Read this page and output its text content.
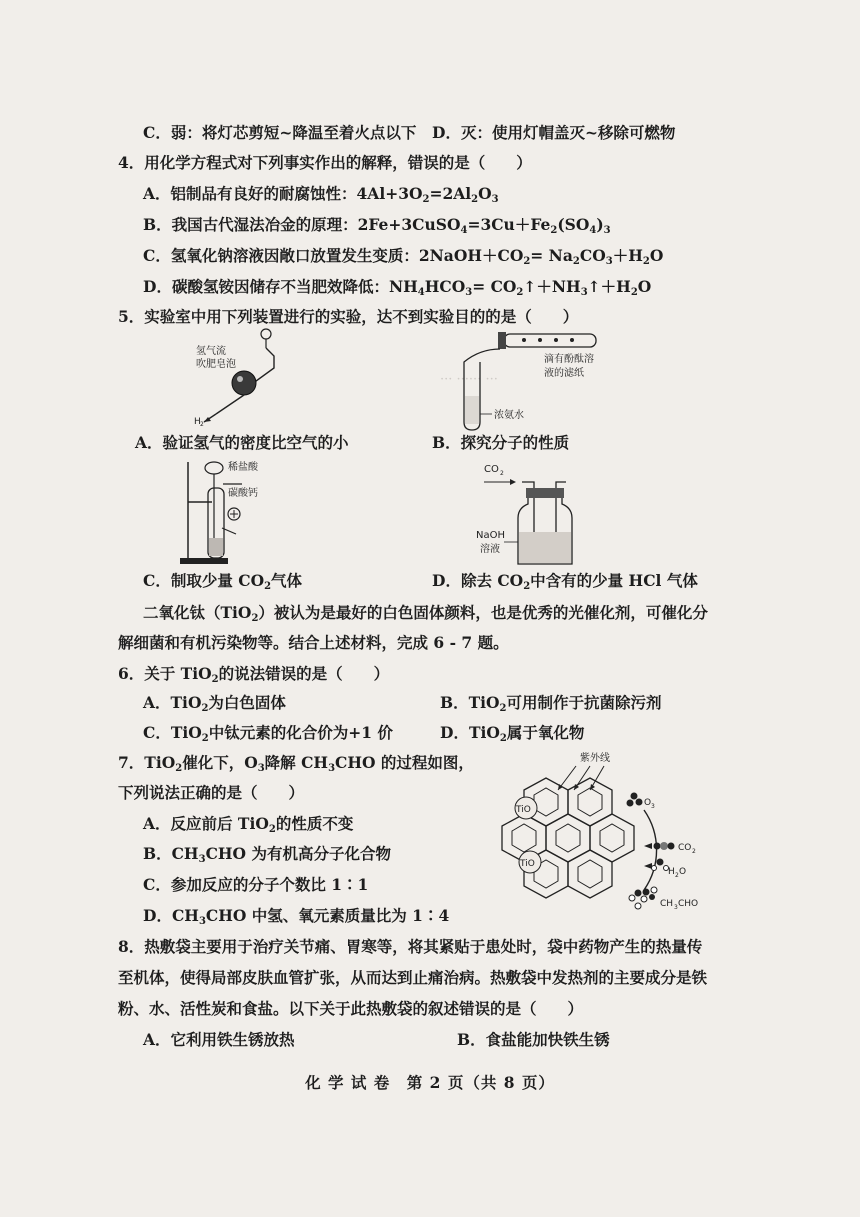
··· ······ ···
C．弱：将灯芯剪短~降温至着火点以下 D．灭：使用灯帽盖灭~移除可燃物
4．用化学方程式对下列事实作出的解释，错误的是（　　）
A．铝制品有良好的耐腐蚀性：$4Al+3O_2=2Al_2O_3$
B．我国古代湿法冶金的原理：$2Fe+3CuSO_4=3Cu+Fe_2(SO_4)_3$
C．氢氧化钠溶液因敞口放置发生变质：$2NaOH+CO_2= Na_2CO_3+H_2O$
D．碳酸氢铵因储存不当肥效降低：$NH_4HCO_3=$ $CO_2↑+NH_3↑+H_2O$
5．实验室中用下列装置进行的实验，达不到实验目的的是（　　）
氢气流
吹肥皂泡
H 2
滴有酚酞溶
液的滤纸
浓氨水
A．验证氢气的密度比空气的小	B．探究分子的性质
稀盐酸
碳酸钙
CO 2
NaOH
溶液
C．制取少量 $CO_2$气体	D．除去 $CO_2$中含有的少量 HCl 气体
二氧化钛（TiO$_2$）被认为是最好的白色固体颜料，也是优秀的光催化剂，可催化分
解细菌和有机污染物等。结合上述材料，完成 6 - 7 题。
6．关于 TiO$_2$的说法错误的是（　　）
A．TiO$_2$为白色固体	B．TiO$_2$可用制作于抗菌除污剂
C．TiO$_2$中钛元素的化合价为+1 价	D．TiO$_2$属于氧化物
7．TiO$_2$催化下，$O_3$降解 $CH_3CHO$ 的过程如图，
下列说法正确的是（　　）
A．反应前后 TiO$_2$的性质不变
B．$CH_3CHO$ 为有机高分子化合物
C．参加反应的分子个数比 1∶1
D．$CH_3CHO$ 中氢、氧元素质量比为 1∶4
紫外线
TiO
TiO
O 3
CO 2
H 2 O
CH 3 CHO
8．热敷袋主要用于治疗关节痛、胃寒等，将其紧贴于患处时，袋中药物产生的热量传
至机体，使得局部皮肤血管扩张，从而达到止痛治病。热敷袋中发热剂的主要成分是铁
粉、水、活性炭和食盐。以下关于此热敷袋的叙述错误的是（　　）
A．它利用铁生锈放热	B．食盐能加快铁生锈
化 学 试 卷　第 2 页（共 8 页）
